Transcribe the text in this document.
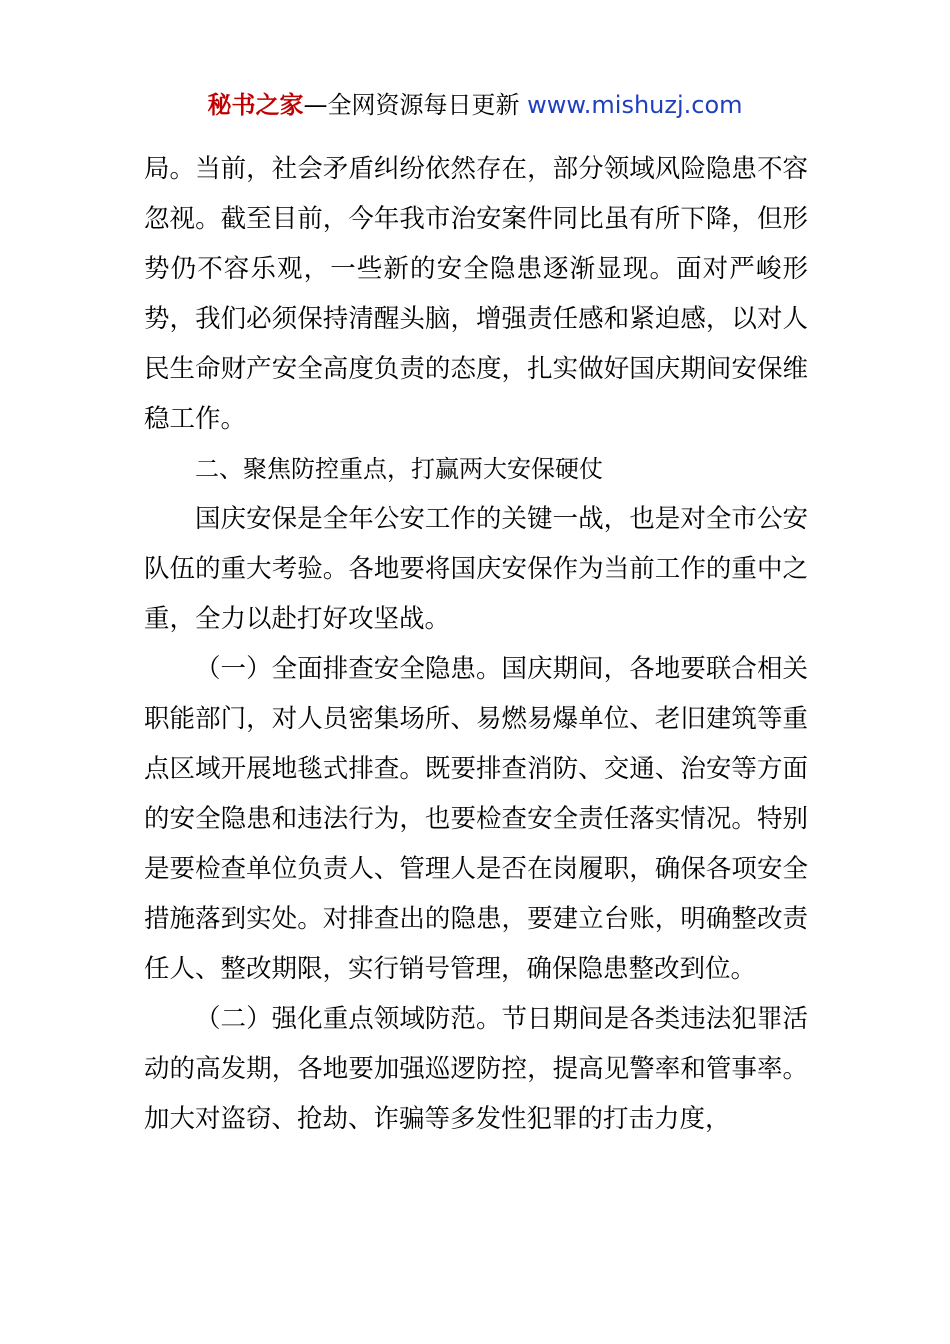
秘书之家—全网资源每日更新 www.mishuzj.com

局。当前，社会矛盾纠纷依然存在，部分领域风险隐患不容忽视。截至目前，今年我市治安案件同比虽有所下降，但形势仍不容乐观，一些新的安全隐患逐渐显现。面对严峻形势，我们必须保持清醒头脑，增强责任感和紧迫感，以对人民生命财产安全高度负责的态度，扎实做好国庆期间安保维稳工作。

二、聚焦防控重点，打赢两大安保硬仗

国庆安保是全年公安工作的关键一战，也是对全市公安队伍的重大考验。各地要将国庆安保作为当前工作的重中之重，全力以赴打好攻坚战。

（一）全面排查安全隐患。国庆期间，各地要联合相关职能部门，对人员密集场所、易燃易爆单位、老旧建筑等重点区域开展地毯式排查。既要排查消防、交通、治安等方面的安全隐患和违法行为，也要检查安全责任落实情况。特别是要检查单位负责人、管理人是否在岗履职，确保各项安全措施落到实处。对排查出的隐患，要建立台账，明确整改责任人、整改期限，实行销号管理，确保隐患整改到位。

（二）强化重点领域防范。节日期间是各类违法犯罪活动的高发期，各地要加强巡逻防控，提高见警率和管事率。加大对盗窃、抢劫、诈骗等多发性犯罪的打击力度，
